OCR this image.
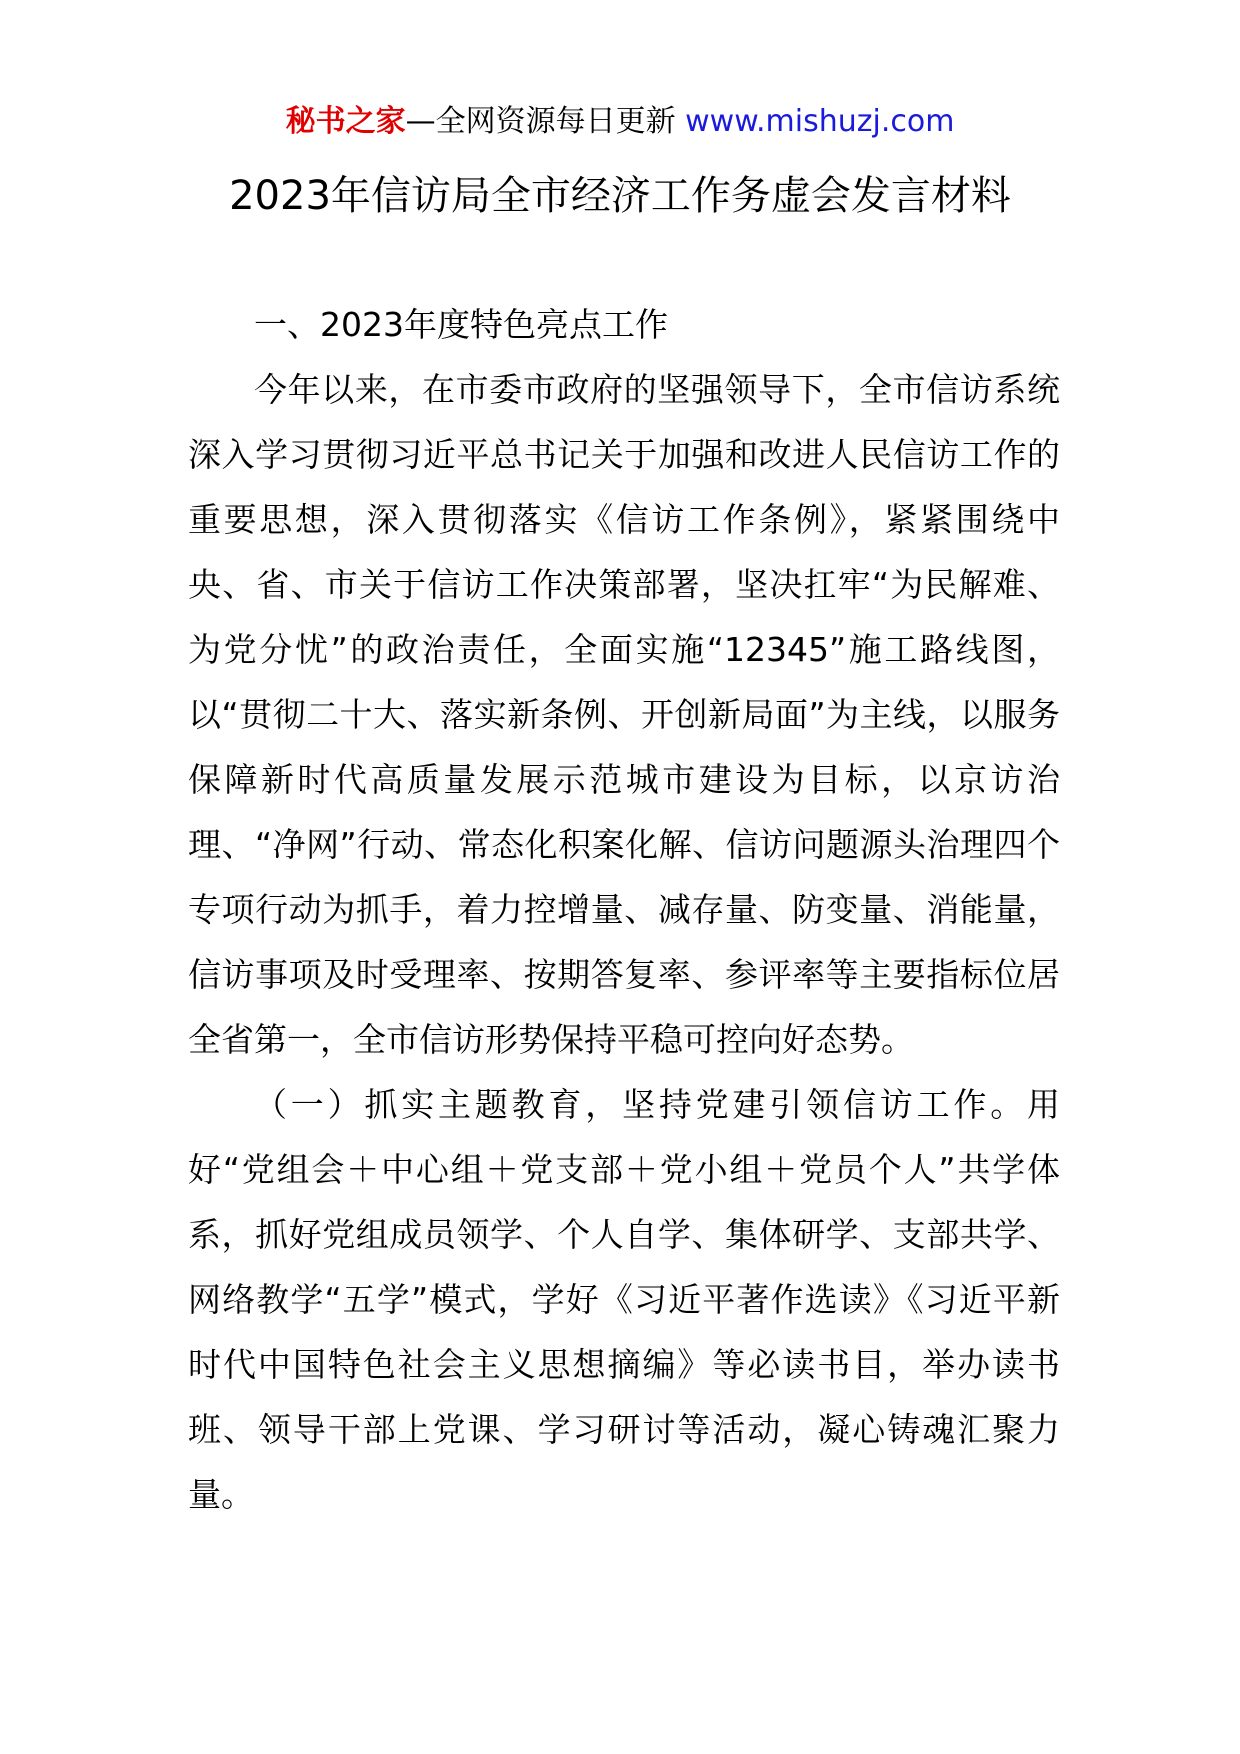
秘书之家—全网资源每日更新 www.mishuzj.com
2023年信访局全市经济工作务虚会发言材料

一、2023年度特色亮点工作

今年以来，在市委市政府的坚强领导下，全市信访系统深入学习贯彻习近平总书记关于加强和改进人民信访工作的重要思想，深入贯彻落实《信访工作条例》，紧紧围绕中央、省、市关于信访工作决策部署，坚决扛牢“为民解难、为党分忧”的政治责任，全面实施“12345”施工路线图，以“贯彻二十大、落实新条例、开创新局面”为主线，以服务保障新时代高质量发展示范城市建设为目标，以京访治理、“净网”行动、常态化积案化解、信访问题源头治理四个专项行动为抓手，着力控增量、减存量、防变量、消能量，信访事项及时受理率、按期答复率、参评率等主要指标位居全省第一，全市信访形势保持平稳可控向好态势。

（一）抓实主题教育，坚持党建引领信访工作。用好“党组会＋中心组＋党支部＋党小组＋党员个人”共学体系，抓好党组成员领学、个人自学、集体研学、支部共学、网络教学“五学”模式，学好《习近平著作选读》《习近平新时代中国特色社会主义思想摘编》等必读书目，举办读书班、领导干部上党课、学习研讨等活动，凝心铸魂汇聚力量。
